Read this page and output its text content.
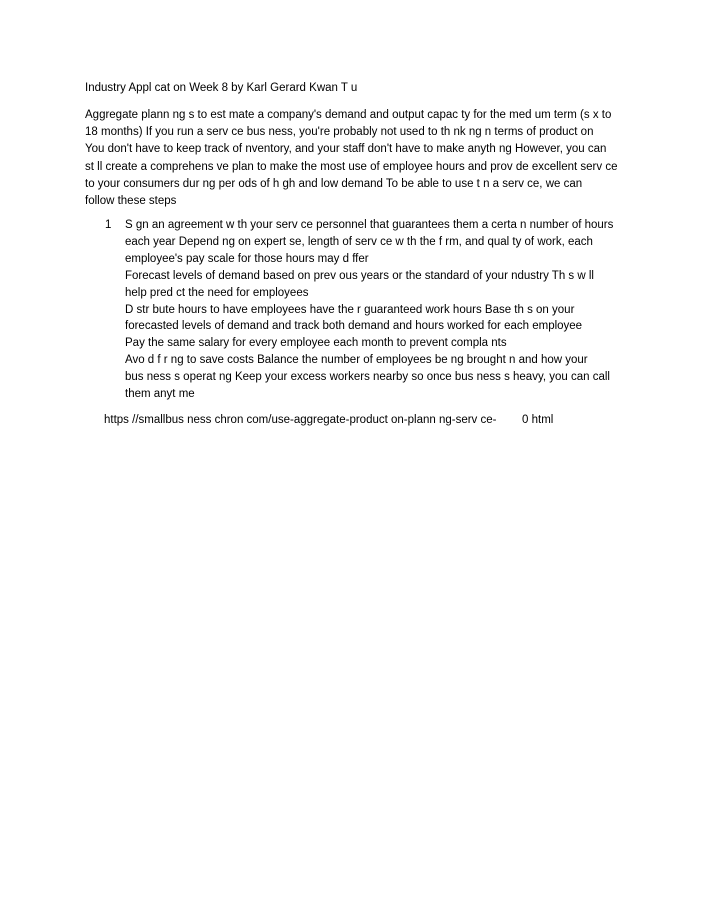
Industry Appl cat on Week 8 by Karl Gerard Kwan T u
Aggregate plann ng s to est mate a company's demand and output capac ty for the med um term (s x to
18 months) If you run a serv ce bus ness, you're probably not used to th nk ng n terms of product on
You don't have to keep track of nventory, and your staff don't have to make anyth ng However, you can
st ll create a comprehens ve plan to make the most use of employee hours and prov de excellent serv ce
to your consumers dur ng per ods of h gh and low demand To be able to use t n a serv ce, we can
follow these steps
1 S gn an agreement w th your serv ce personnel that guarantees them a certa n number of hours
each year Depend ng on expert se, length of serv ce w th the f rm, and qual ty of work, each
employee's pay scale for those hours may d ffer
Forecast levels of demand based on prev ous years or the standard of your ndustry Th s w ll
help pred ct the need for employees
D str bute hours to have employees have the r guaranteed work hours Base th s on your
forecasted levels of demand and track both demand and hours worked for each employee
Pay the same salary for every employee each month to prevent compla nts
Avo d f r ng to save costs Balance the number of employees be ng brought n and how your
bus ness s operat ng Keep your excess workers nearby so once bus ness s heavy, you can call
them anyt me
https //smallbus ness chron com/use-aggregate-product on-plann ng-serv ce-        0 html
